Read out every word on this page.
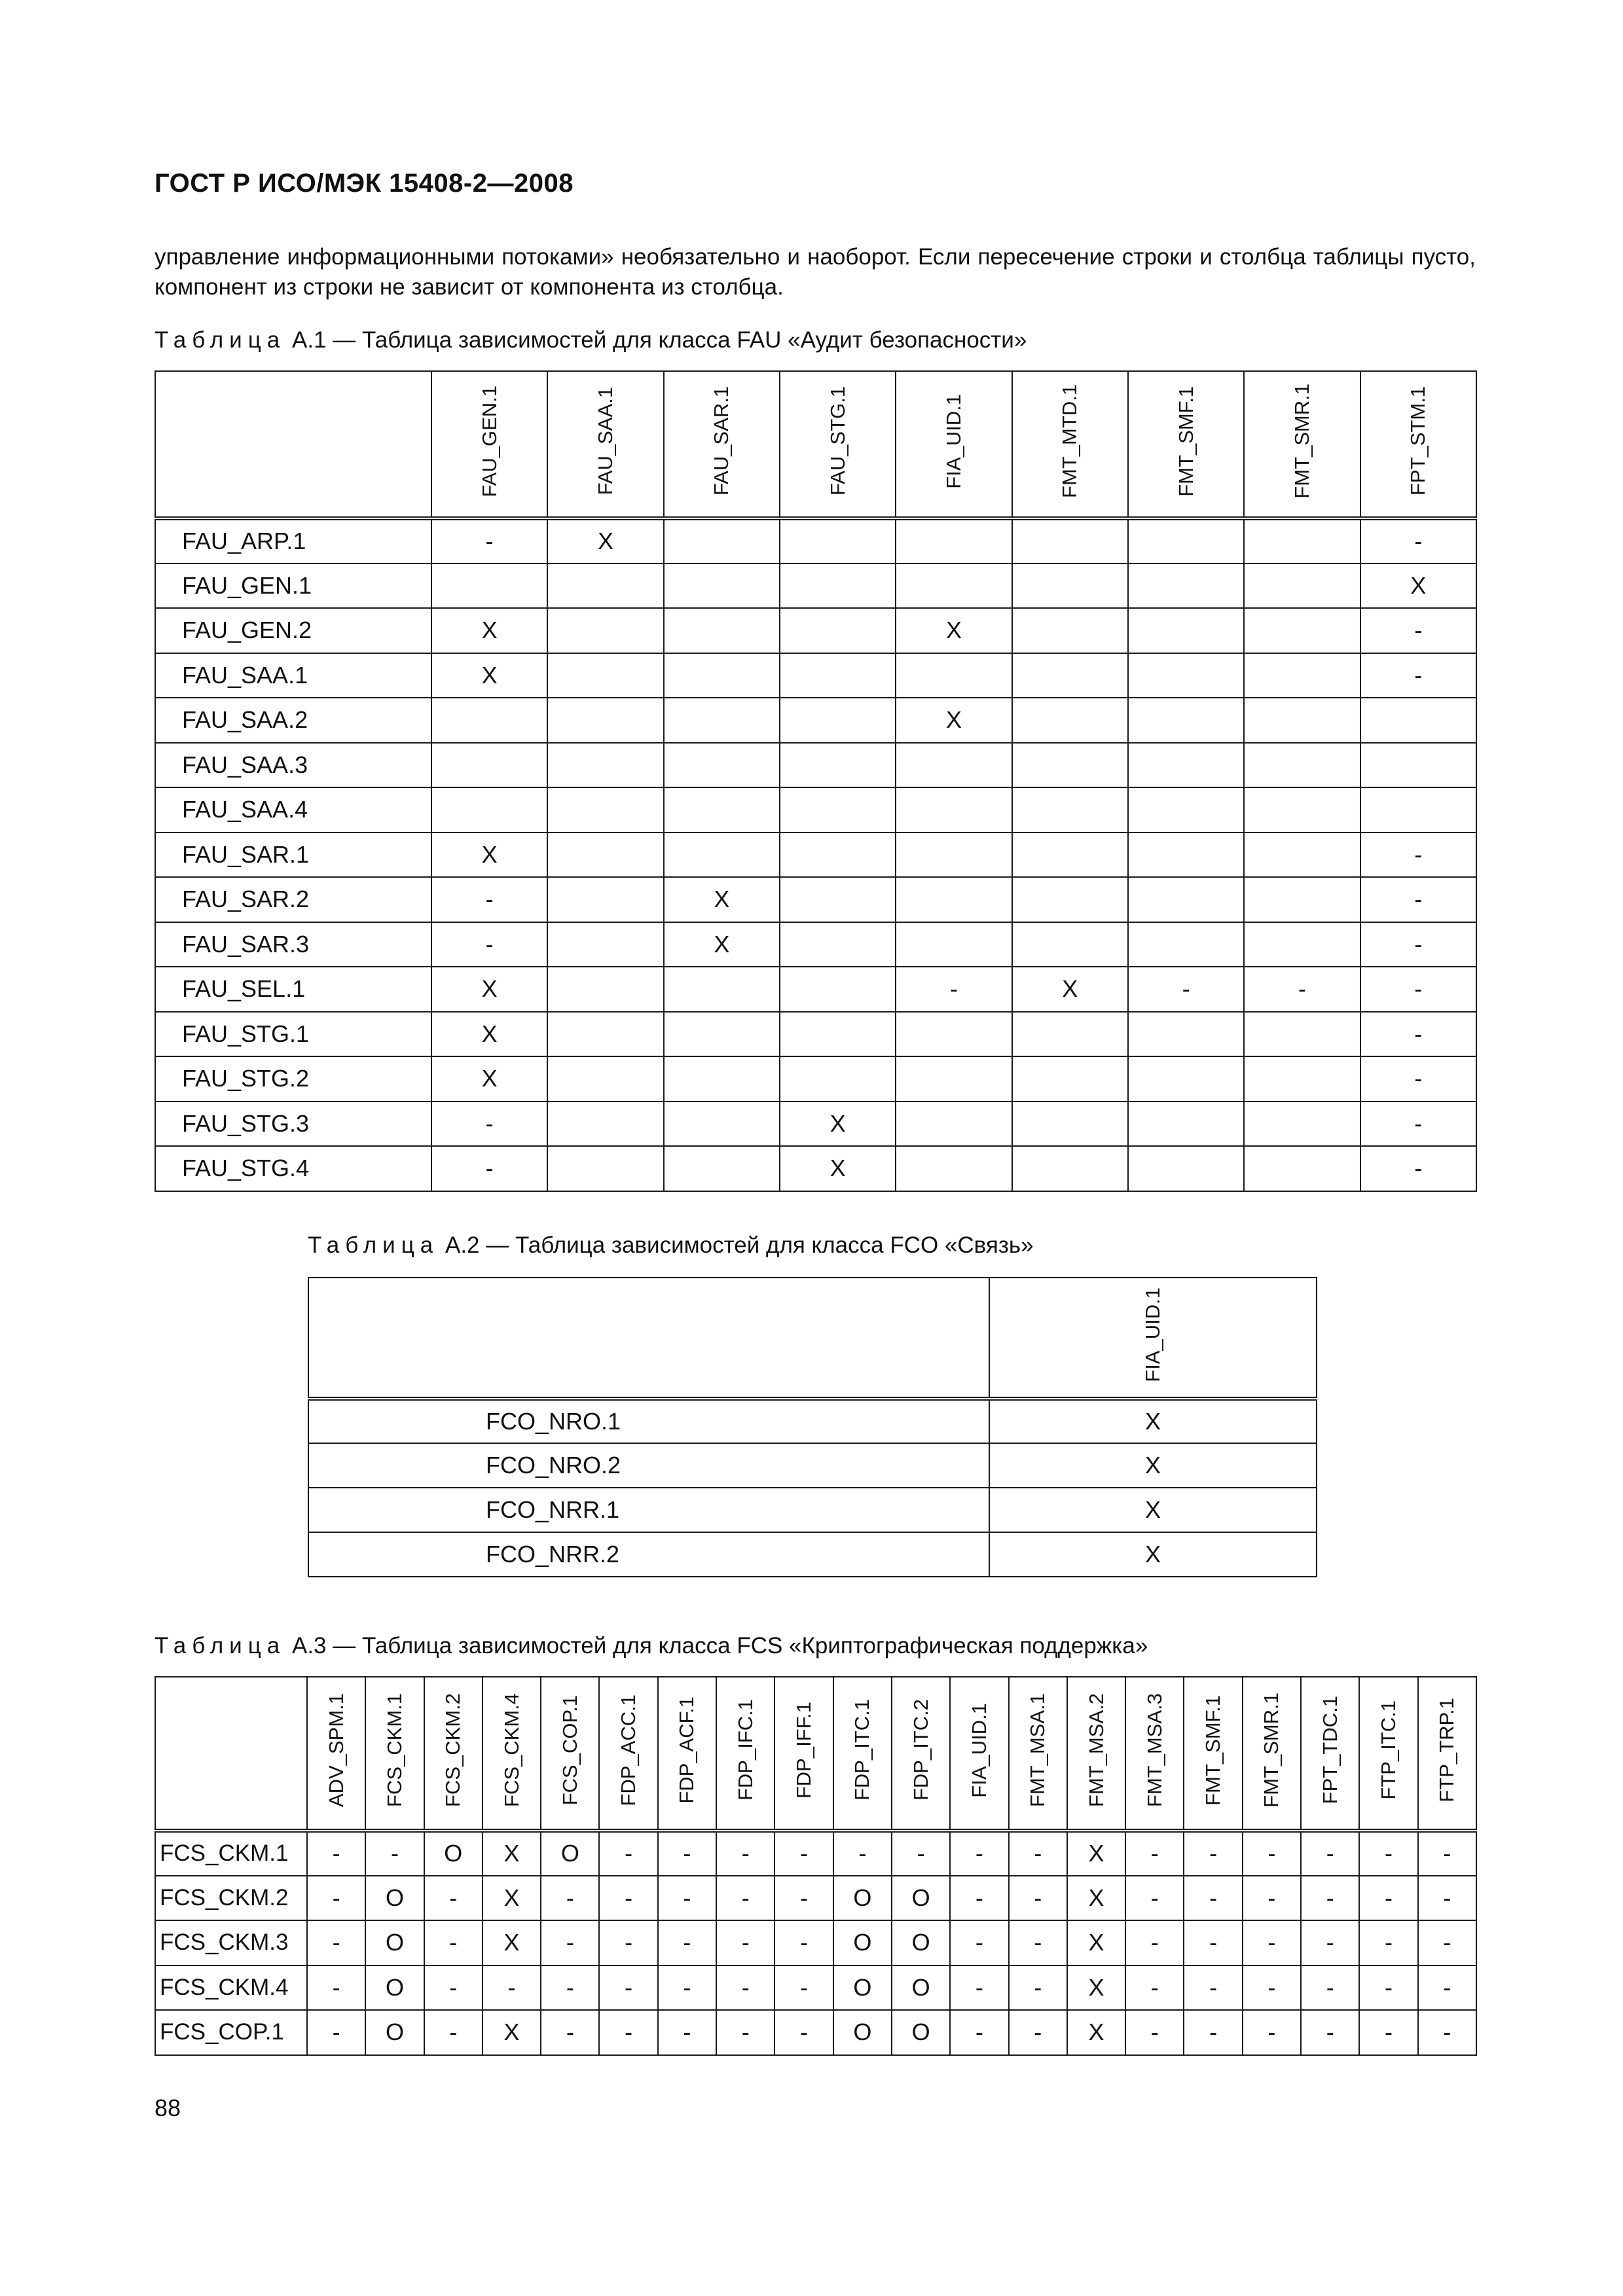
ГОСТ Р ИСО/МЭК 15408-2—2008
управление информационными потоками» необязательно и наоборот. Если пересечение строки и столбца таблицы пусто, компонент из строки не зависит от компонента из столбца.
Таблица А.1 — Таблица зависимостей для класса FAU «Аудит безопасности»
	FAU_GEN.1	FAU_SAA.1	FAU_SAR.1	FAU_STG.1	FIA_UID.1	FMT_MTD.1	FMT_SMF.1	FMT_SMR.1	FPT_STM.1
FAU_ARP.1	-	X							-
FAU_GEN.1									X
FAU_GEN.2	X				X				-
FAU_SAA.1	X								-
FAU_SAA.2					X				
FAU_SAA.3									
FAU_SAA.4									
FAU_SAR.1	X								-
FAU_SAR.2	-		X						-
FAU_SAR.3	-		X						-
FAU_SEL.1	X				-	X	-	-	-
FAU_STG.1	X								-
FAU_STG.2	X								-
FAU_STG.3	-			X					-
FAU_STG.4	-			X					-
Таблица А.2 — Таблица зависимостей для класса FCO «Связь»
	FIA_UID.1
FCO_NRO.1	X
FCO_NRO.2	X
FCO_NRR.1	X
FCO_NRR.2	X
Таблица А.3 — Таблица зависимостей для класса FCS «Криптографическая поддержка»
	ADV_SPM.1	FCS_CKM.1	FCS_CKM.2	FCS_CKM.4	FCS_COP.1	FDP_ACC.1	FDP_ACF.1	FDP_IFC.1	FDP_IFF.1	FDP_ITC.1	FDP_ITC.2	FIA_UID.1	FMT_MSA.1	FMT_MSA.2	FMT_MSA.3	FMT_SMF.1	FMT_SMR.1	FPT_TDC.1	FTP_ITC.1	FTP_TRP.1
FCS_CKM.1	-	-	O	X	O	-	-	-	-	-	-	-	-	X	-	-	-	-	-	-
FCS_CKM.2	-	O	-	X	-	-	-	-	-	O	O	-	-	X	-	-	-	-	-	-
FCS_CKM.3	-	O	-	X	-	-	-	-	-	O	O	-	-	X	-	-	-	-	-	-
FCS_CKM.4	-	O	-	-	-	-	-	-	-	O	O	-	-	X	-	-	-	-	-	-
FCS_COP.1	-	O	-	X	-	-	-	-	-	O	O	-	-	X	-	-	-	-	-	-
88
